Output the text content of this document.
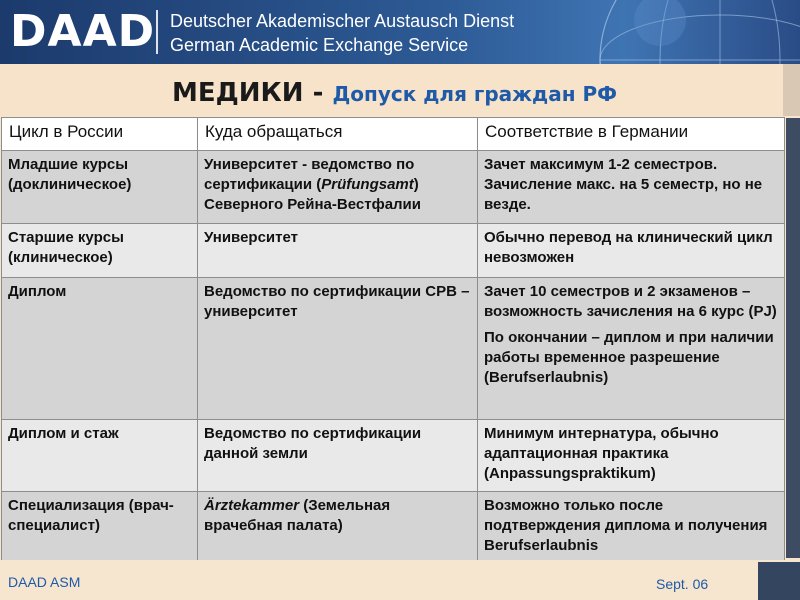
DAAD Deutscher Akademischer Austausch Dienst
German Academic Exchange Service
МЕДИКИ - Допуск для граждан РФ
Цикл в России	Куда обращаться	Соответствие в Германии
Младшие курсы (доклиническое)	Университет - ведомство по сертификации (Prüfungsamt) Северного Рейна-Вестфалии	Зачет максимум 1-2 семестров. Зачисление макс. на 5 семестр, но не везде.
Старшие курсы (клиническое)	Университет	Обычно перевод на клинический цикл невозможен
Диплом	Ведомство по сертификации СРВ – университет	Зачет 10 семестров и 2 экзаменов – возможность зачисления на 6 курс (PJ)
По окончании – диплом и при наличии работы временное разрешение (Berufserlaubnis)

Диплом и стаж	Ведомство по сертификации данной земли	Минимум интернатура, обычно адаптационная практика (Anpassungspraktikum)
Специализация (врач-специалист)	Ärztekammer (Земельная врачебная палата)	Возможно только после подтверждения диплома и получения Berufserlaubnis
DAAD ASM	Sept. 06
